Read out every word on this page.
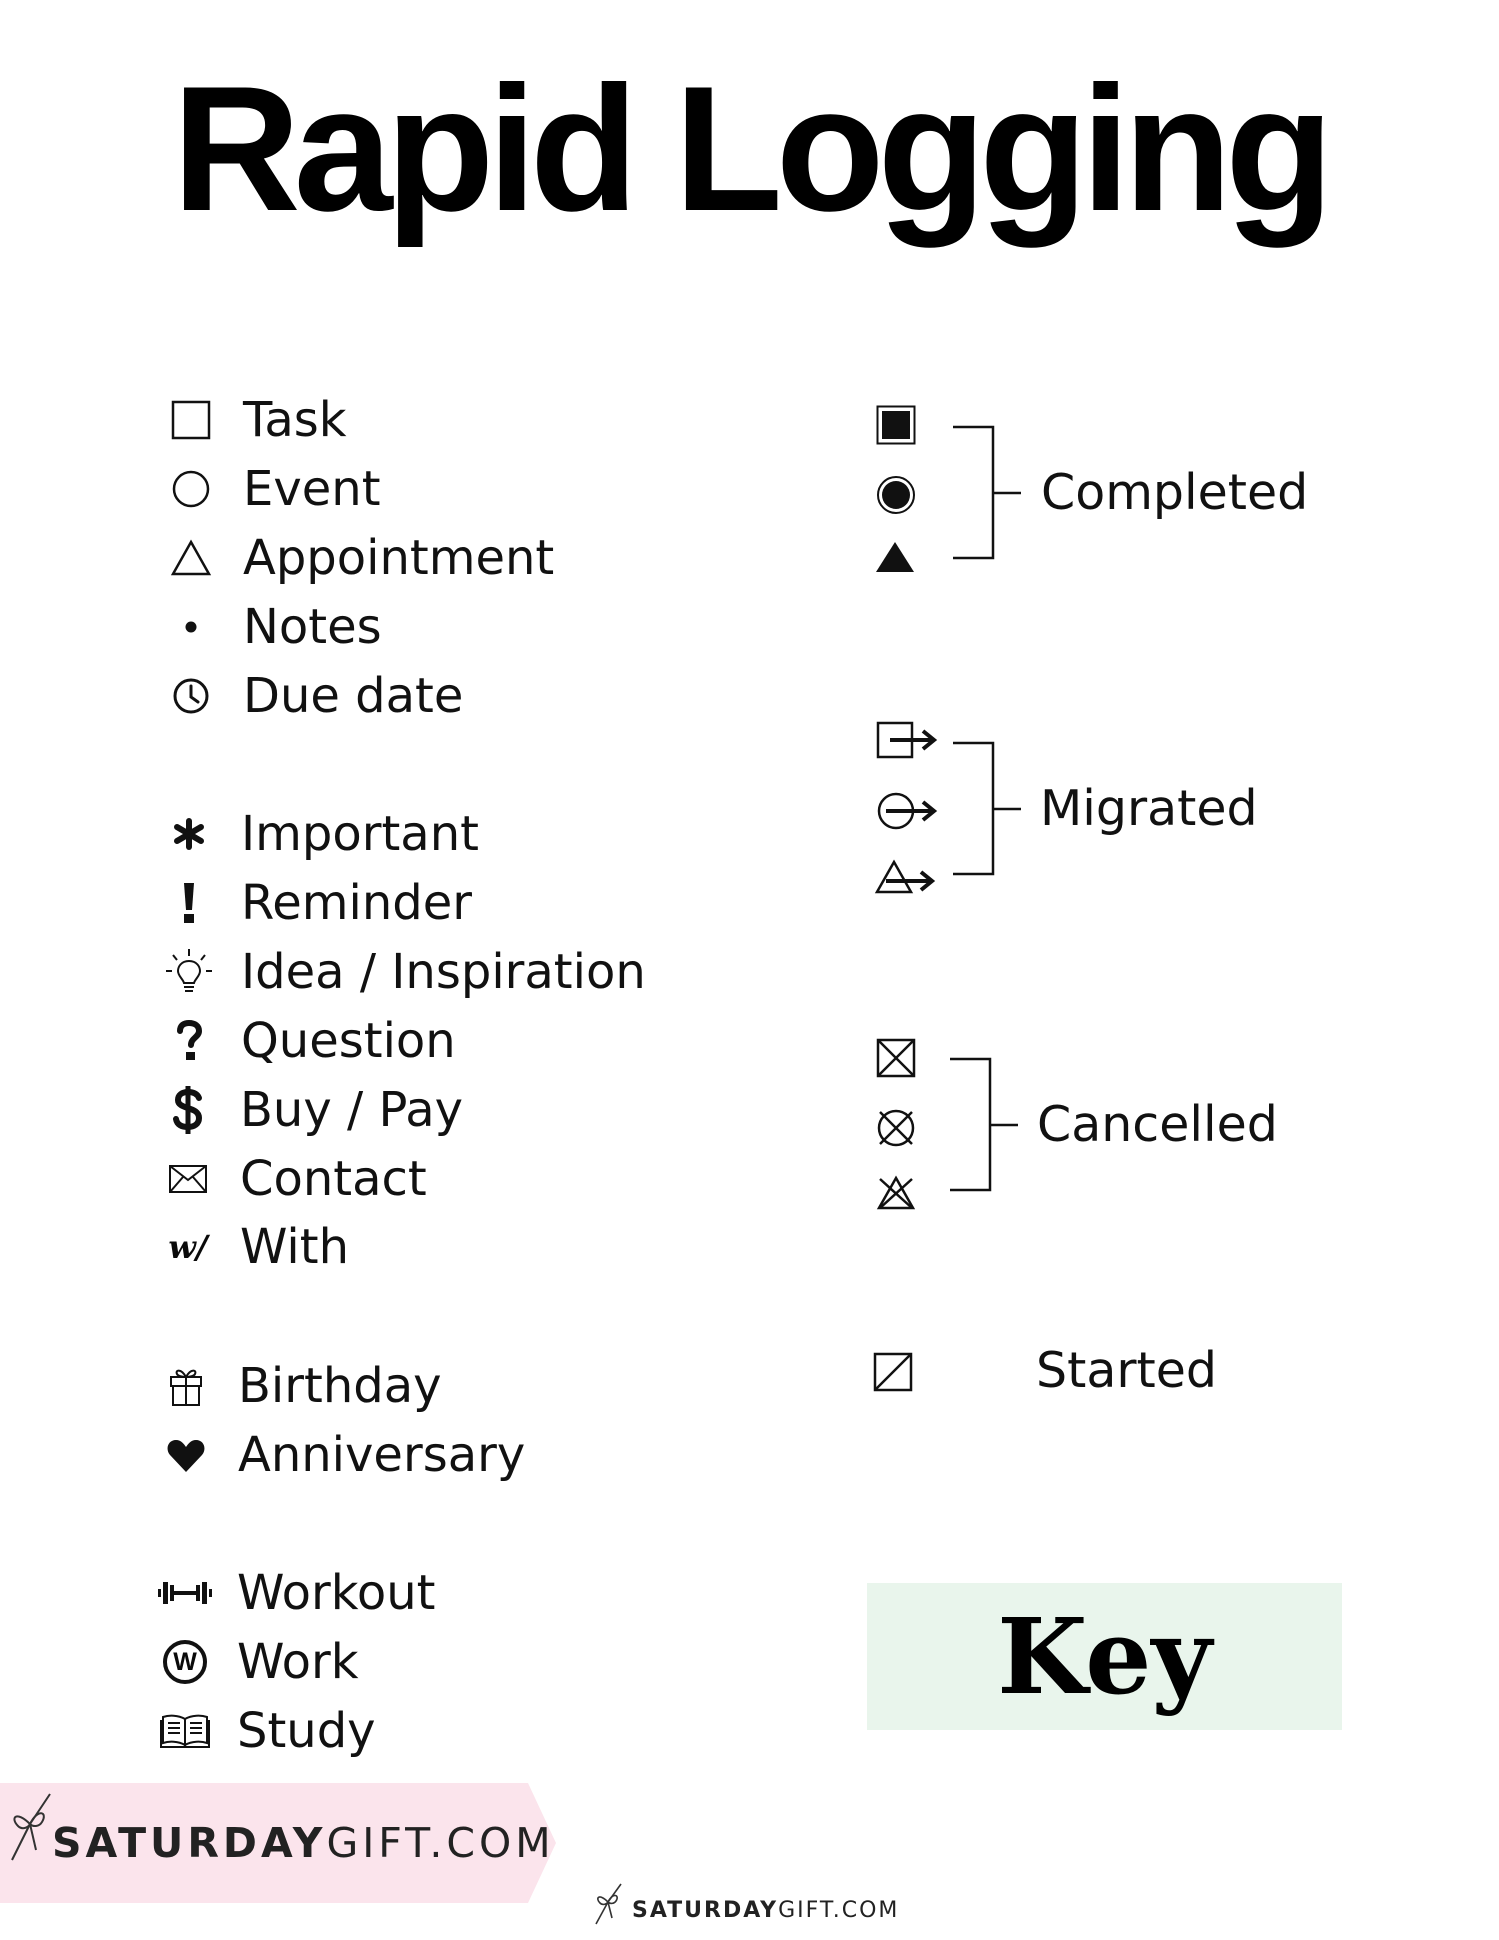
Rapid Logging
Task
Event
Appointment
Notes
Due date
Important
Reminder
Idea / Inspiration
Question
Buy / Pay
Contact
w/ With
Birthday
Anniversary
Workout
W Work
Study
Completed
Migrated
Cancelled
Started
Key
SATURDAYGIFT.COM
SATURDAYGIFT.COM
